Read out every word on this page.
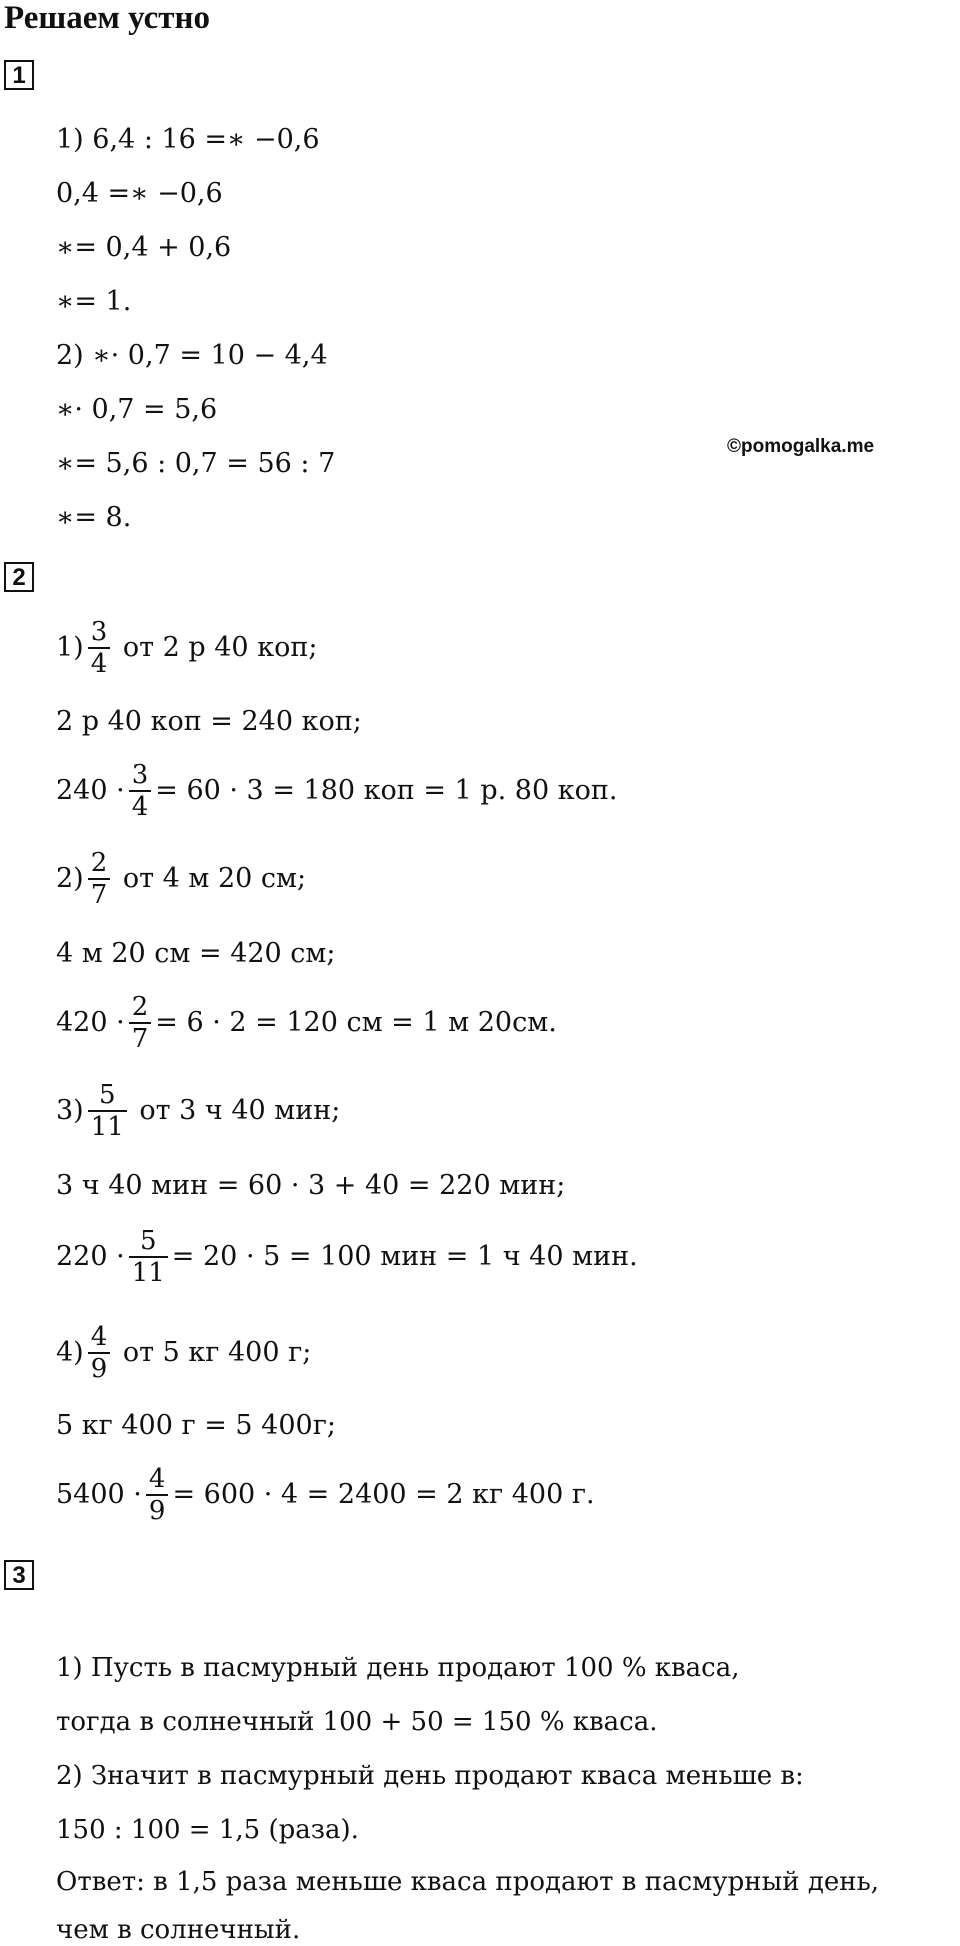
Решаем устно
1
1) 6,4 : 16 =∗ −0,6
0,4 =∗ −0,6
∗= 0,4 + 0,6
∗= 1.
2) ∗· 0,7 = 10 − 4,4
∗· 0,7 = 5,6
∗= 5,6 : 0,7 = 56 : 7
∗= 8.
©pomogalka.me
2
$1) \frac{3}{4}$ от 2 р 40 коп;
2 р 40 коп = 240 коп;
$240 \cdot \frac{3}{4} = 60 \cdot 3 = 180$ коп = 1 р. 80 коп.
$2) \frac{2}{7}$ от 4 м 20 см;
4 м 20 см = 420 см;
$420 \cdot \frac{2}{7} = 6 \cdot 2 = 120$ см = 1 м 20см.
$3) \frac{5}{11}$ от 3 ч 40 мин;
3 ч 40 мин = 60 · 3 + 40 = 220 мин;
$220 \cdot \frac{5}{11} = 20 \cdot 5 = 100$ мин = 1 ч 40 мин.
$4) \frac{4}{9}$ от 5 кг 400 г;
5 кг 400 г = 5 400г;
$5400 \cdot \frac{4}{9} = 600 \cdot 4 = 2400 = 2$ кг 400 г.
3
1) Пусть в пасмурный день продают 100 % кваса,
тогда в солнечный 100 + 50 = 150 % кваса.
2) Значит в пасмурный день продают кваса меньше в:
150 : 100 = 1,5 (раза).
Ответ: в 1,5 раза меньше кваса продают в пасмурный день,
чем в солнечный.
